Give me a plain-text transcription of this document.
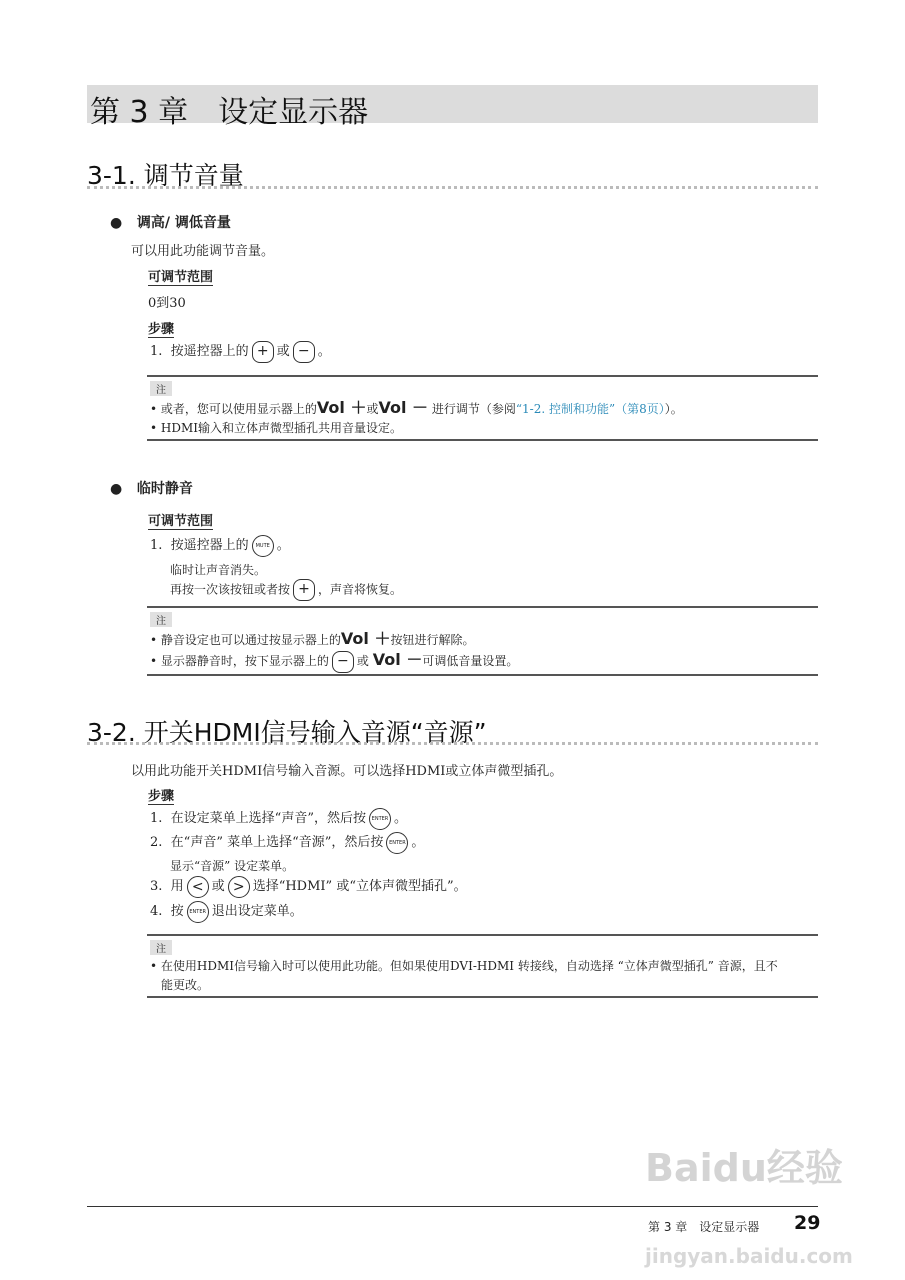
Baidu经验
jingyan.baidu.com
第 3 章　设定显示器
3-1. 调节音量
●   调高/ 调低音量
可以用此功能调节音量。
可调节范围
0到30
步骤
1. 按遥控器上的 + 或 − 。
注
• 或者，您可以使用显示器上的Vol ＋或Vol － 进行调节（参阅“1-2. 控制和功能”（第8页））。
• HDMI输入和立体声微型插孔共用音量设定。
●   临时静音
可调节范围
1. 按遥控器上的 MUTE 。
临时让声音消失。
再按一次该按钮或者按 + ，声音将恢复。
注
• 静音设定也可以通过按显示器上的Vol ＋按钮进行解除。
• 显示器静音时，按下显示器上的 − 或 Vol －可调低音量设置。
3-2. 开关HDMI信号输入音源“音源”
以用此功能开关HDMI信号输入音源。可以选择HDMI或立体声微型插孔。
步骤
1. 在设定菜单上选择“声音”，然后按 ENTER 。
2. 在“声音” 菜单上选择“音源”，然后按 ENTER 。
显示“音源” 设定菜单。
3. 用 < 或 > 选择“HDMI” 或“立体声微型插孔”。
4. 按 ENTER 退出设定菜单。
注
• 在使用HDMI信号输入时可以使用此功能。但如果使用DVI-HDMI 转接线，自动选择 “立体声微型插孔” 音源，且不
能更改。
第 3 章　设定显示器 29
